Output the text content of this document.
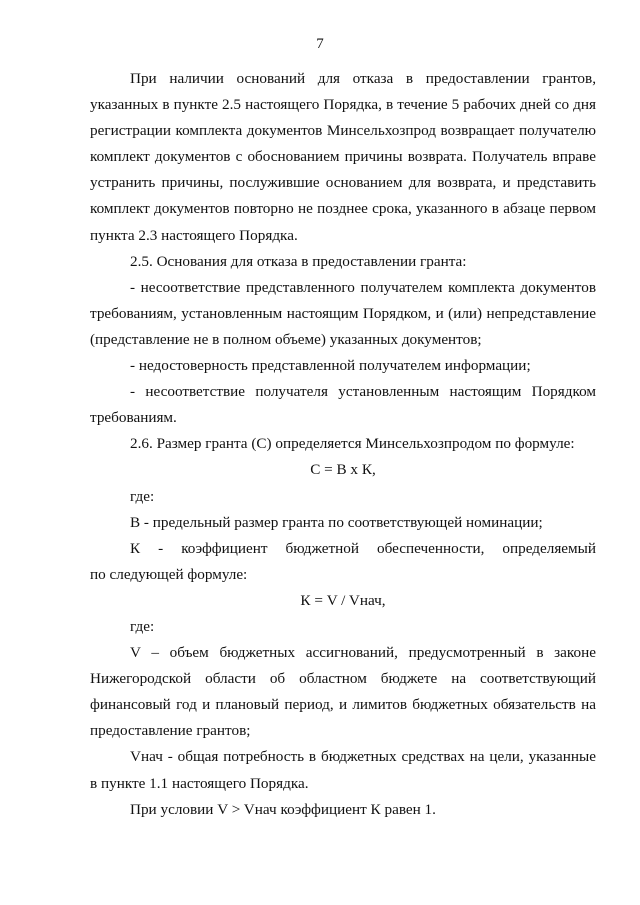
7

При наличии оснований для отказа в предоставлении грантов, указанных в пункте 2.5 настоящего Порядка, в течение 5 рабочих дней со дня регистрации комплекта документов Минсельхозпрод возвращает получателю комплект документов с обоснованием причины возврата. Получатель вправе устранить причины, послужившие основанием для возврата, и представить комплект документов повторно не позднее срока, указанного в абзаце первом пункта 2.3 настоящего Порядка.

2.5. Основания для отказа в предоставлении гранта:

- несоответствие представленного получателем комплекта документов требованиям, установленным настоящим Порядком, и (или) непредставление (представление не в полном объеме) указанных документов;

- недостоверность представленной получателем информации;

- несоответствие получателя установленным настоящим Порядком требованиям.

2.6. Размер гранта (С) определяется Минсельхозпродом по формуле:

С = В х К,

где:

В - предельный размер гранта по соответствующей номинации;

К - коэффициент бюджетной обеспеченности, определяемый

по следующей формуле:

К = V / Vнач,

где:

V – объем бюджетных ассигнований, предусмотренный в законе Нижегородской области об областном бюджете на соответствующий финансовый год и плановый период, и лимитов бюджетных обязательств на предоставление грантов;

Vнач - общая потребность в бюджетных средствах на цели, указанные в пункте 1.1 настоящего Порядка.

При условии V > Vнач коэффициент К равен 1.
